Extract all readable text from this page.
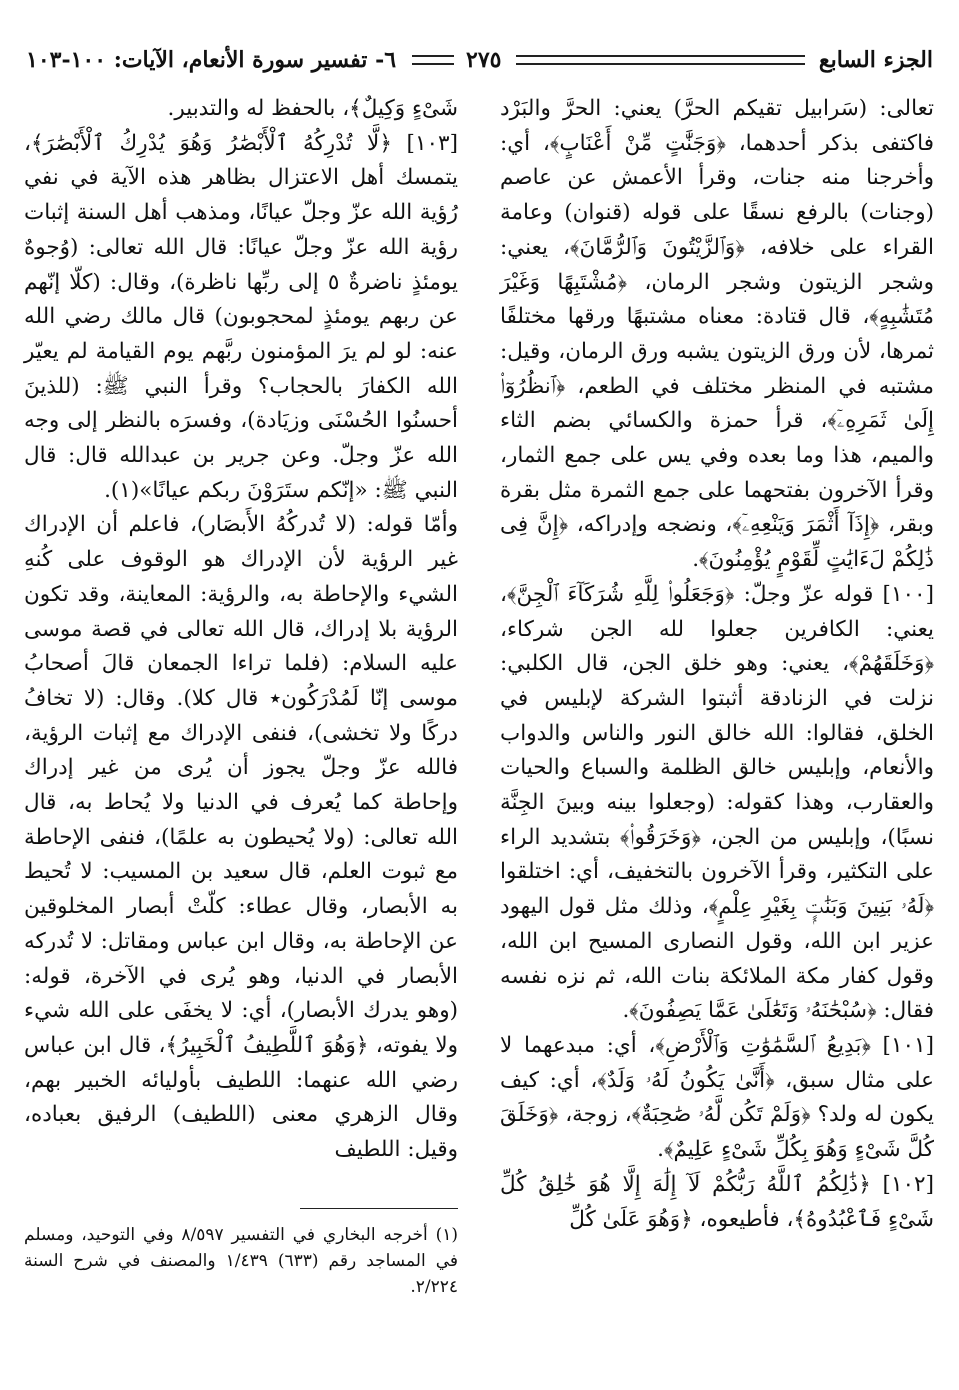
الجزء السابع
٢٧٥
٦- تفسير سورة الأنعام، الآيات: ١٠٠-١٠٣

تعالى: (سَرابيل تقيكم الحرَّ) يعني: الحرَّ والبَرْد فاكتفى بذكر أحدهما، ﴿وَجَنَّٰتٍ مِّنْ أَعْنَابٍ﴾، أي: وأخرجنا منه جنات، وقرأ الأعمش عن عاصم (وجنات) بالرفع نسقًا على قوله (قنوان) وعامة القراء على خلافه، ﴿وَٱلزَّيْتُونَ وَٱلرُّمَّانَ﴾، يعني: وشجر الزيتون وشجر الرمان، ﴿مُشْتَبِهًا وَغَيْرَ مُتَشَٰبِهٍ﴾، قال قتادة: معناه مشتبهًا ورقها مختلفًا ثمرها، لأن ورق الزيتون يشبه ورق الرمان، وقيل: مشتبه في المنظر مختلف في الطعم، ﴿ٱنظُرُوٓا۟ إِلَىٰ ثَمَرِهِۦٓ﴾، قرأ حمزة والكسائي بضم الثاء والميم، هذا وما بعده وفي يس على جمع الثمار، وقرأ الآخرون بفتحهما على جمع الثمرة مثل بقرة وبقر، ﴿إِذَآ أَثْمَرَ وَيَنْعِهِۦٓ﴾، ونضجه وإدراكه، ﴿إِنَّ فِى ذَٰلِكُمْ لَءَايَٰتٍ لِّقَوْمٍ يُؤْمِنُونَ﴾.

[١٠٠] قوله عزّ وجلّ: ﴿وَجَعَلُوا۟ لِلَّهِ شُرَكَآءَ ٱلْجِنَّ﴾، يعني: الكافرين جعلوا لله الجن شركاء، ﴿وَخَلَقَهُمْ﴾، يعني: وهو خلق الجن، قال الكلبي: نزلت في الزنادقة أثبتوا الشركة لإبليس في الخلق، فقالوا: الله خالق النور والناس والدواب والأنعام، وإبليس خالق الظلمة والسباع والحيات والعقارب، وهذا كقوله: (وجعلوا بينه وبينَ الجِنَّة نسبًا)، وإبليس من الجن، ﴿وَخَرَقُوا۟﴾ بتشديد الراء على التكثير، وقرأ الآخرون بالتخفيف، أي: اختلقوا ﴿لَهُۥ بَنِينَ وَبَنَٰتٍۭ بِغَيْرِ عِلْمٍ﴾، وذلك مثل قول اليهود عزير ابن الله، وقول النصارى المسيح ابن الله، وقول كفار مكة الملائكة بنات الله، ثم نزه نفسه فقال: ﴿سُبْحَٰنَهُۥ وَتَعَٰلَىٰ عَمَّا يَصِفُونَ﴾.

[١٠١] ﴿بَدِيعُ ٱلسَّمَٰوَٰتِ وَٱلْأَرْضِ﴾، أي: مبدعهما لا على مثال سبق، ﴿أَنَّىٰ يَكُونُ لَهُۥ وَلَدٌ﴾، أي: كيف يكون له ولد؟ ﴿وَلَمْ تَكُن لَّهُۥ صَٰحِبَةٌ﴾، زوجة، ﴿وَخَلَقَ كُلَّ شَىْءٍ وَهُوَ بِكُلِّ شَىْءٍ عَلِيمٌ﴾.

[١٠٢] ﴿ذَٰلِكُمُ ٱللَّهُ رَبُّكُمْ لَآ إِلَٰهَ إِلَّا هُوَ خَٰلِقُ كُلِّ شَىْءٍ فَٱعْبُدُوهُ﴾، فأطيعوه، ﴿وَهُوَ عَلَىٰ كُلِّ

شَىْءٍ وَكِيلٌ﴾، بالحفظ له والتدبير.

[١٠٣] ﴿لَّا تُدْرِكُهُ ٱلْأَبْصَٰرُ وَهُوَ يُدْرِكُ ٱلْأَبْصَٰرَ﴾، يتمسك أهل الاعتزال بظاهر هذه الآية في نفي رُؤية الله عزّ وجلّ عيانًا، ومذهب أهل السنة إثبات رؤية الله عزّ وجلّ عيانًا: قال الله تعالى: (وُجوهٌ يومئذٍ ناضرةٌ ٥ إلى ربِّها ناظرة)، وقال: (كلّا إنّهم عن ربهم يومئذٍ لمحجوبون) قال مالك رضي الله عنه: لو لم يرَ المؤمنون ربَّهم يوم القيامة لم يعيّر الله الكفارَ بالحجاب؟ وقرأ النبي ﷺ: (للذينَ أحسنُوا الحُسْنَى وزيَادة)، وفسرَه بالنظر إلى وجه الله عزّ وجلّ. وعن جرير بن عبدالله قال: قال النبي ﷺ: «إنّكم ستَرَوْنَ ربكم عيانًا»(١).

وأمّا قوله: (لا تُدركُهُ الأَبصَار)، فاعلم أن الإدراك غير الرؤية لأن الإدراك هو الوقوف على كُنهِ الشيء والإحاطة به، والرؤية: المعاينة، وقد تكون الرؤية بلا إدراك، قال الله تعالى في قصة موسى عليه السلام: (فلما تراءا الجمعان قالَ أصحابُ موسى إنّا لَمُدْرَكُون٭ قال كلا). وقال: (لا تخافُ دركًا ولا تخشى)، فنفى الإدراك مع إثبات الرؤية، فالله عزّ وجلّ يجوز أن يُرى من غير إدراك وإحاطة كما يُعرف في الدنيا ولا يُحاط به، قال الله تعالى: (ولا يُحيطون به علمًا)، فنفى الإحاطة مع ثبوت العلم، قال سعيد بن المسيب: لا تُحيط به الأبصار، وقال عطاء: كلّتْ أبصار المخلوقين عن الإحاطة به، وقال ابن عباس ومقاتل: لا تُدركه الأبصار في الدنيا، وهو يُرى في الآخرة، قوله: (وهو يدرك الأبصار)، أي: لا يخفَى على الله شيء ولا يفوته، ﴿وَهُوَ ٱللَّطِيفُ ٱلْخَبِيرُ﴾، قال ابن عباس رضي الله عنهما: اللطيف بأوليائه الخبير بهم، وقال الزهري معنى (اللطيف) الرفيق بعباده، وقيل: اللطيف

(١) أخرجه البخاري في التفسير ٨/٥٩٧ وفي التوحيد، ومسلم في المساجد رقم (٦٣٣) ١/٤٣٩ والمصنف في شرح السنة ٢/٢٢٤.
